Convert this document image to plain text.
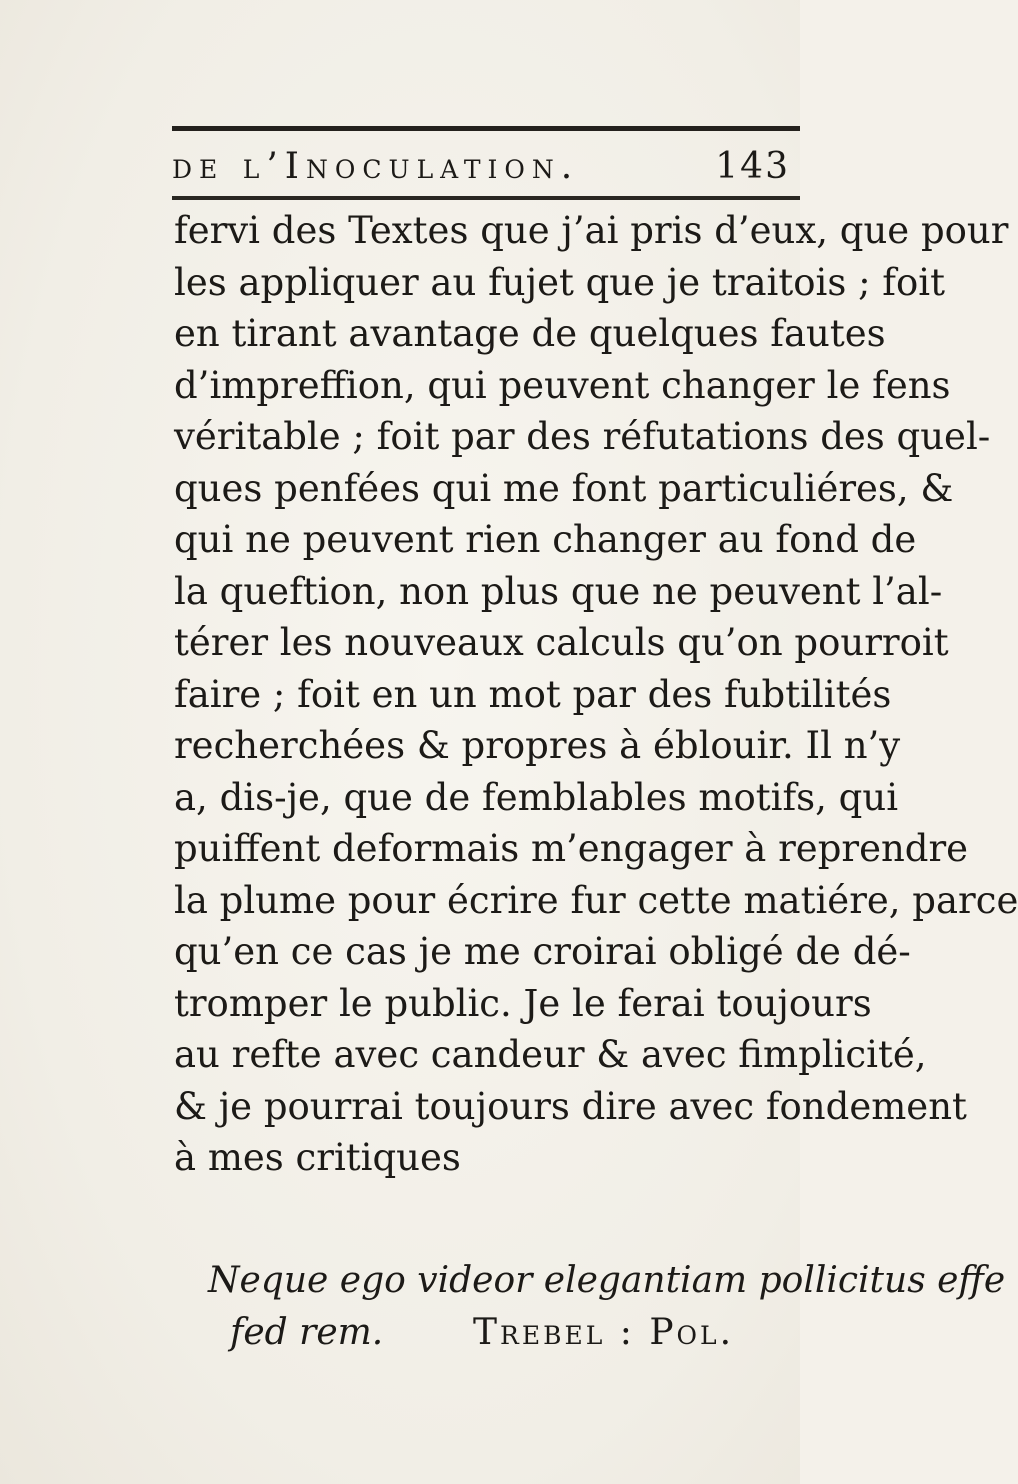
de l’Inoculation.	143
fervi des Textes que j’ai pris d’eux, que pour
les appliquer au fujet que je traitois ; foit
en tirant avantage de quelques fautes
d’impreffion, qui peuvent changer le fens
véritable ; foit par des réfutations des quel-
ques penfées qui me font particuliéres, &
qui ne peuvent rien changer au fond de
la queftion, non plus que ne peuvent l’al-
térer les nouveaux calculs qu’on pourroit
faire ; foit en un mot par des fubtilités
recherchées & propres à éblouir. Il n’y
a, dis-je, que de femblables motifs, qui
puiffent deformais m’engager à reprendre
la plume pour écrire fur cette matiére, parce
qu’en ce cas je me croirai obligé de dé-
tromper le public. Je le ferai toujours
au refte avec candeur & avec fimplicité,
& je pourrai toujours dire avec fondement
à mes critiques
Neque ego videor elegantiam pollicitus effe
fed rem. Trebel : Pol.
